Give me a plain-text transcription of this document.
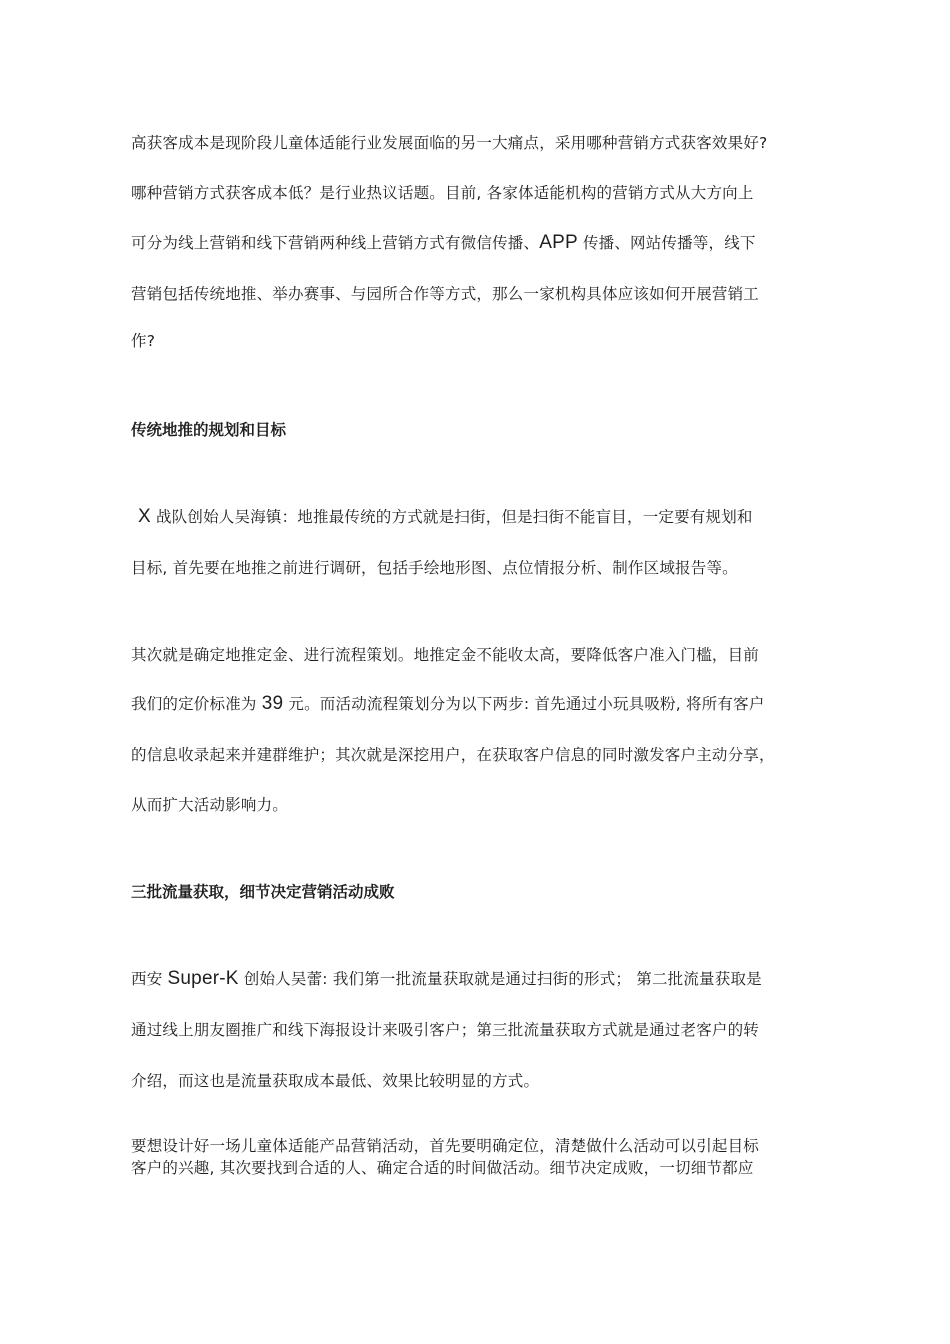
高获客成本是现阶段儿童体适能行业发展面临的另一大痛点，采用哪种营销方式获客效果好?
哪种营销方式获客成本低？是行业热议话题。目前, 各家体适能机构的营销方式从大方向上
可分为线上营销和线下营销两种线上营销方式有微信传播、APP 传播、网站传播等，线下
营销包括传统地推、举办赛事、与园所合作等方式，那么一家机构具体应该如何开展营销工
作?
传统地推的规划和目标
X 战队创始人吴海镇：地推最传统的方式就是扫街，但是扫街不能盲目，一定要有规划和
目标, 首先要在地推之前进行调研，包括手绘地形图、点位情报分析、制作区域报告等。
其次就是确定地推定金、进行流程策划。地推定金不能收太高，要降低客户准入门槛，目前
我们的定价标准为 39 元。而活动流程策划分为以下两步: 首先通过小玩具吸粉, 将所有客户
的信息收录起来并建群维护；其次就是深挖用户，在获取客户信息的同时激发客户主动分享，
从而扩大活动影响力。
三批流量获取，细节决定营销活动成败
西安 Super-K 创始人吴蕾: 我们第一批流量获取就是通过扫街的形式； 第二批流量获取是
通过线上朋友圈推广和线下海报设计来吸引客户；第三批流量获取方式就是通过老客户的转
介绍，而这也是流量获取成本最低、效果比较明显的方式。
要想设计好一场儿童体适能产品营销活动，首先要明确定位，清楚做什么活动可以引起目标
客户的兴趣, 其次要找到合适的人、确定合适的时间做活动。细节决定成败，一切细节都应
